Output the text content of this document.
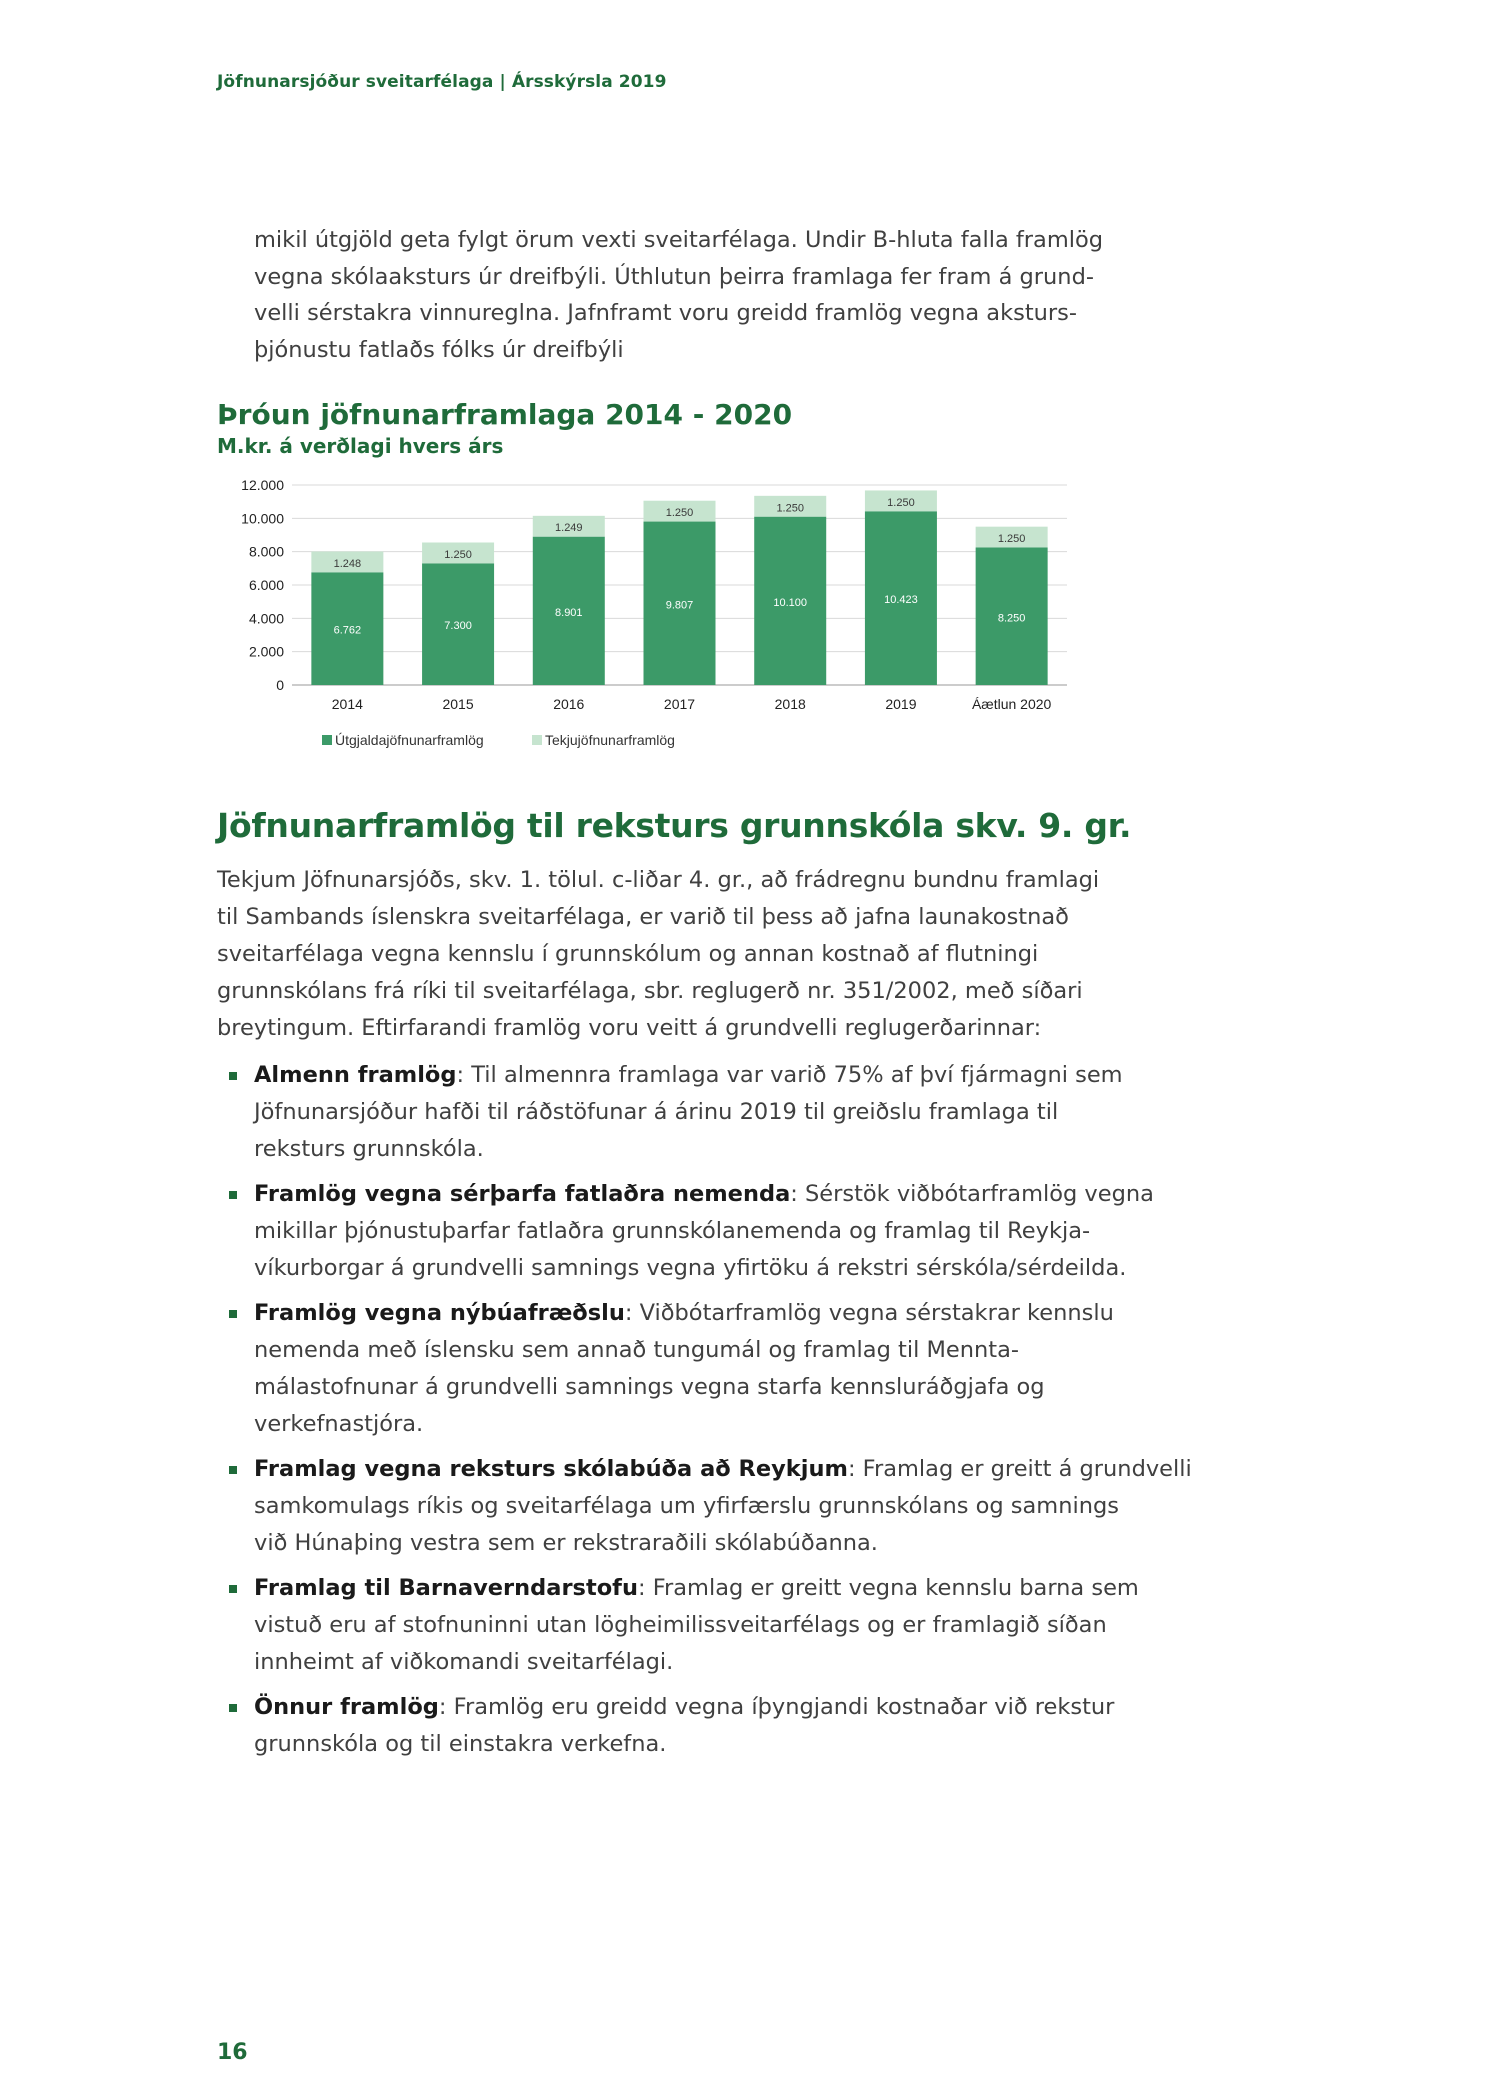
Jöfnunarsjóður sveitarfélaga | Ársskýrsla 2019

mikil útgjöld geta fylgt örum vexti sveitarfélaga. Undir B-hluta falla framlög

vegna skólaaksturs úr dreifbýli. Úthlutun þeirra framlaga fer fram á grund-

velli sérstakra vinnureglna. Jafnframt voru greidd framlög vegna aksturs-

þjónustu fatlaðs fólks úr dreifbýli

Þróun jöfnunarframlaga 2014 - 2020
M.kr. á verðlagi hvers árs
0
2.000
4.000
6.000
8.000
10.000
12.000
6.762
1.248
2014
7.300
1.250
2015
8.901
1.249
2016
9.807
1.250
2017
10.100
1.250
2018
10.423
1.250
2019
8.250
1.250
Áætlun 2020
Útgjaldajöfnunarframlög	Tekjujöfnunarframlög
Jöfnunarframlög til reksturs grunnskóla skv. 9. gr.

Tekjum Jöfnunarsjóðs, skv. 1. tölul. c-liðar 4. gr., að frádregnu bundnu framlagi

til Sambands íslenskra sveitarfélaga, er varið til þess að jafna launakostnað

sveitarfélaga vegna kennslu í grunnskólum og annan kostnað af flutningi

grunnskólans frá ríki til sveitarfélaga, sbr. reglugerð nr. 351/2002, með síðari

breytingum. Eftirfarandi framlög voru veitt á grundvelli reglugerðarinnar:

Almenn framlög: Til almennra framlaga var varið 75% af því fjármagni sem
Jöfnunarsjóður hafði til ráðstöfunar á árinu 2019 til greiðslu framlaga til
reksturs grunnskóla.
Framlög vegna sérþarfa fatlaðra nemenda: Sérstök viðbótarframlög vegna
mikillar þjónustuþarfar fatlaðra grunnskólanemenda og framlag til Reykja-
víkurborgar á grundvelli samnings vegna yfirtöku á rekstri sérskóla/sérdeilda.
Framlög vegna nýbúafræðslu: Viðbótarframlög vegna sérstakrar kennslu
nemenda með íslensku sem annað tungumál og framlag til Mennta-
málastofnunar á grundvelli samnings vegna starfa kennsluráðgjafa og
verkefnastjóra.
Framlag vegna reksturs skólabúða að Reykjum: Framlag er greitt á grundvelli
samkomulags ríkis og sveitarfélaga um yfirfærslu grunnskólans og samnings
við Húnaþing vestra sem er rekstraraðili skólabúðanna.
Framlag til Barnaverndarstofu: Framlag er greitt vegna kennslu barna sem
vistuð eru af stofnuninni utan lögheimilissveitarfélags og er framlagið síðan
innheimt af viðkomandi sveitarfélagi.
Önnur framlög: Framlög eru greidd vegna íþyngjandi kostnaðar við rekstur
grunnskóla og til einstakra verkefna.
16
